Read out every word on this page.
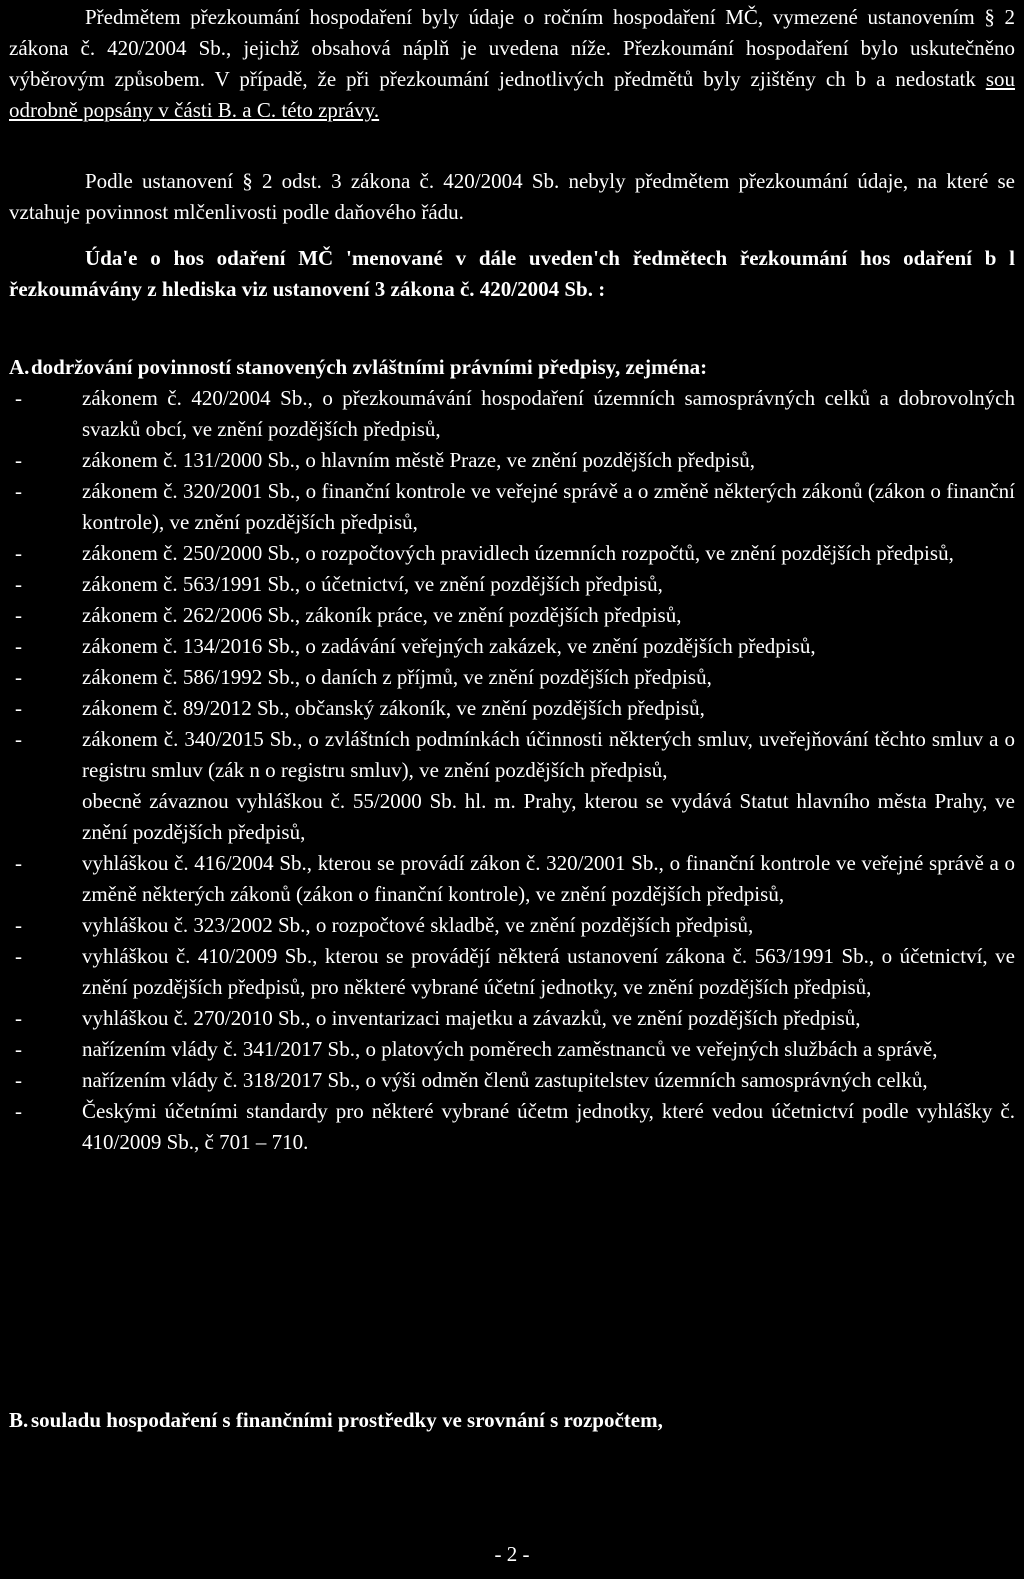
Předmětem přezkoumání hospodaření byly údaje o ročním hospodaření MČ, vymezené ustanovením § 2 zákona č. 420/2004 Sb., jejichž obsahová náplň je uvedena níže. Přezkoumání hospodaření bylo uskutečněno výběrovým způsobem. V případě, že při přezkoumání jednotlivých předmětů byly zjištěny ch b a nedostatk sou odrobně popsány v části B. a C. této zprávy.

Podle ustanovení § 2 odst. 3 zákona č. 420/2004 Sb. nebyly předmětem přezkoumání údaje, na které se vztahuje povinnost mlčenlivosti podle daňového řádu.

Úda'e o hos odaření MČ 'menované v dále uveden'ch ředmětech řezkoumání hos odaření b l řezkoumávány z hlediska viz ustanovení 3 zákona č. 420/2004 Sb. :

A. dodržování povinností stanovených zvláštními právními předpisy, zejména:
-	zákonem č. 420/2004 Sb., o přezkoumávání hospodaření územních samosprávných celků a dobrovolných svazků obcí, ve znění pozdějších předpisů,
-	zákonem č. 131/2000 Sb., o hlavním městě Praze, ve znění pozdějších předpisů,
-	zákonem č. 320/2001 Sb., o finanční kontrole ve veřejné správě a o změně některých zákonů (zákon o finanční kontrole), ve znění pozdějších předpisů,
-	zákonem č. 250/2000 Sb., o rozpočtových pravidlech územních rozpočtů, ve znění pozdějších předpisů,
-	zákonem č. 563/1991 Sb., o účetnictví, ve znění pozdějších předpisů,
-	zákonem č. 262/2006 Sb., zákoník práce, ve znění pozdějších předpisů,
-	zákonem č. 134/2016 Sb., o zadávání veřejných zakázek, ve znění pozdějších předpisů,
-	zákonem č. 586/1992 Sb., o daních z příjmů, ve znění pozdějších předpisů,
-	zákonem č. 89/2012 Sb., občanský zákoník, ve znění pozdějších předpisů,
-	zákonem č. 340/2015 Sb., o zvláštních podmínkách účinnosti některých smluv, uveřejňování těchto smluv a o registru smluv (zák n o registru smluv), ve znění pozdějších předpisů,
obecně závaznou vyhláškou č. 55/2000 Sb. hl. m. Prahy, kterou se vydává Statut hlavního města Prahy, ve znění pozdějších předpisů,
-	vyhláškou č. 416/2004 Sb., kterou se provádí zákon č. 320/2001 Sb., o finanční kontrole ve veřejné správě a o změně některých zákonů (zákon o finanční kontrole), ve znění pozdějších předpisů,
-	vyhláškou č. 323/2002 Sb., o rozpočtové skladbě, ve znění pozdějších předpisů,
-	vyhláškou č. 410/2009 Sb., kterou se provádějí některá ustanovení zákona č. 563/1991 Sb., o účetnictví, ve znění pozdějších předpisů, pro některé vybrané účetní jednotky, ve znění pozdějších předpisů,
-	vyhláškou č. 270/2010 Sb., o inventarizaci majetku a závazků, ve znění pozdějších předpisů,
-	nařízením vlády č. 341/2017 Sb., o platových poměrech zaměstnanců ve veřejných službách a správě,
-	nařízením vlády č. 318/2017 Sb., o výši odměn členů zastupitelstev územních samosprávných celků,
-	Českými účetními standardy pro některé vybrané účetm jednotky, které vedou účetnictví podle vyhlášky č. 410/2009 Sb., č 701 – 710.
B. souladu hospodaření s finančními prostředky ve srovnání s rozpočtem,
- 2 -
